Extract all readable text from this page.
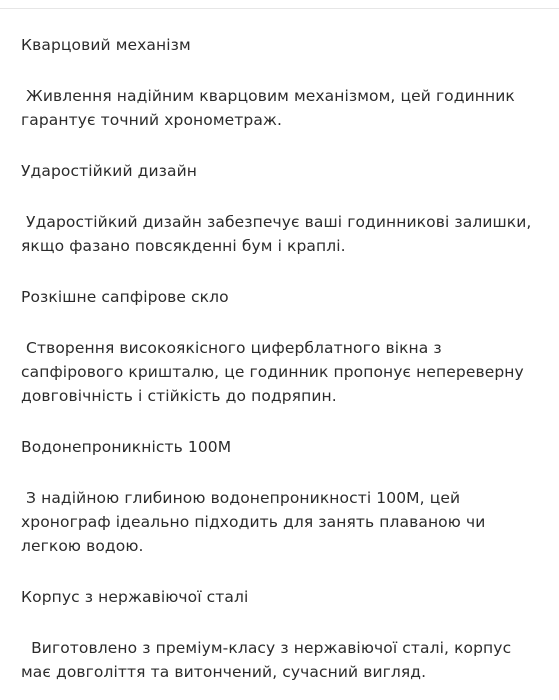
Кварцовий механізм

Живлення надійним кварцовим механізмом, цей годинник гарантує точний хронометраж.

Ударостійкий дизайн

Ударостійкий дизайн забезпечує ваші годинникові залишки, якщо фазано повсякденні бум і краплі.

Розкішне сапфірове скло

Створення високоякісного циферблатного вікна з сапфірового кришталю, це годинник пропонує непереверну довговічність і стійкість до подряпин.

Водонепроникність 100М

З надійною глибиною водонепроникності 100М, цей хронограф ідеально підходить для занять плаваною чи легкою водою.

Корпус з нержавіючої сталі

Виготовлено з преміум-класу з нержавіючої сталі, корпус має довголіття та витончений, сучасний вигляд.
